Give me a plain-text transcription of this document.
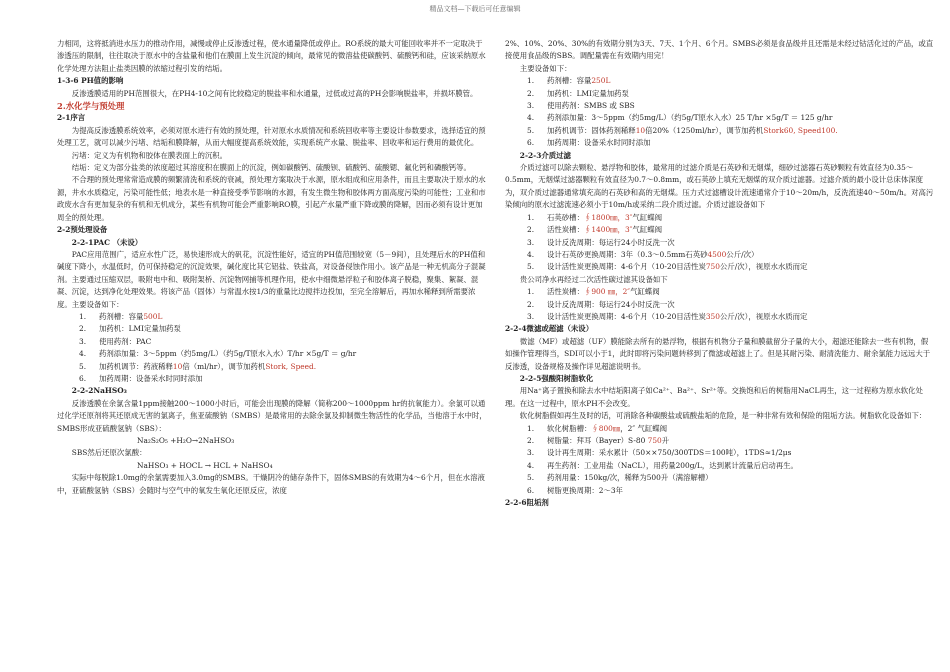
精品文档—下载后可任意编辑

力相同，这将抵消进水压力的推动作用，减慢或停止反渗透过程，使水通量降低或停止。RO系统的最大可能回收率并不一定取决于渗透压的限制，往往取决于原水中的含盐量和他们在膜面上发生沉淀的倾向，最常见的微溶盐使碳酸钙、硫酸钙和硅，应该采纳原水化学处理方法阻止盐类因膜的浓缩过程引发的结垢。

1-3-6 PH值的影响

反渗透膜适用的PH范围很大，在PH4-10之间有比较稳定的脱盐率和水通量，过低或过高的PH会影响脱盐率，并损坏膜管。

2.水化学与预处理

2-1序言

为提高反渗透膜系统效率，必须对原水进行有效的预处理，针对原水水质情况和系统回收率等主要设计参数要求，选择适宜的预处理工艺，就可以减少污堵、结垢和膜降解，从而大幅度提高系统效能，实现系统产水量、脱盐率、回收率和运行费用的最优化。

污堵：定义为有机物和胶体在膜表面上的沉积。

结垢：定义为部分盐类的浓度超过其溶度积在膜面上的沉淀，例如碳酸钙、硫酸钡、硫酸钙、硫酸锶、氟化钙和磷酸钙等。

不合理的预处理常常造成膜的频繁清洗和系统的衰减，预处理方案取决于水源，原水组成和应用条件，而且主要取决于原水的水源，井水水质稳定，污染可能性低；地表水是一种直接受季节影响的水源，有发生微生物和胶体两方面高度污染的可能性；工业和市政废水含有更加复杂的有机和无机成分，某些有机物可能会严重影响RO膜，引起产水量严重下降或膜的降解，因而必须有设计更加周全的预处理。

2-2预处理设备

2-2-1PAC （未设）

PAC应用范围广，适应水性广泛，易快速形成大的矾花，沉淀性能好，适宜的PH值范围较宽（5－9间），且处理后水的PH值和碱度下降小，水温低时，仍可保持稳定的沉淀效果，碱化度比其它铝盐、铁盐高，对设备侵蚀作用小。该产品是一种无机高分子混凝剂。主要通过压缩双层，吸附电中和、吸附架桥、沉淀物网捕等机理作用，使水中细微悬浮粒子和胶体离子脱稳，聚集、絮凝、混凝、沉淀，达到净化处理效果。将该产品（固体）与常温水按1/3的重量比边搅拌边投加，至完全溶解后，再加水稀释到所需要浓度。主要设备如下：

1. 药剂槽：容量500L

2. 加药机：LMI定量加药泵

3. 使用药剂：PAC

4. 药剂添加量：3～5ppm（约5mg/L）（约5g/T原水入水）T/hr ×5g/T ＝ g/hr

5. 加药机调节：药液稀释10倍（ml/hr），调节加药机Stork, Speed.

6. 加药周期：设备采水时同时添加

2-2-2NaHSO₃

反渗透膜在余氯含量1ppm接触200～1000小时后，可能会出现膜的降解（简称200～1000ppm hr的抗氧能力）。余氯可以通过化学还原剂将其还原成无害的氯离子，焦亚硫酸钠（SMBS）是最常用的去除余氯及抑制微生物活性的化学品，当他溶于水中时，SMBS形成亚硫酸氢钠（SBS）：

Na₂S₂O₅ +H₂O→2NaHSO₃

SBS然后还原次氯酸：

NaHSO₃ + HOCL → HCL + NaHSO₄

实际中每脱除1.0mg的余氯需要加入3.0mg的SMBS。干燥阴冷的储存条件下，固体SMBS的有效期为4～6个月，但在水溶液中，亚硫酸氢钠（SBS）会随时与空气中的氧发生氧化还原反应，浓度

2%、10%、20%、30%的有效期分别为3天、7天、1个月、6个月。SMBS必须是食品级并且还需是未经过钴活化过的产品，或直接使用食品级的SBS。调配量需在有效期内用完！

主要设备如下：

1. 药剂槽：容量250L

2. 加药机：LMI定量加药泵

3. 使用药剂：SMBS 或 SBS

4. 药剂添加量：3～5ppm（约5mg/L）（约5g/T原水入水）25 T/hr ×5g/T ＝ 125 g/hr

5. 加药机调节：固体药剂稀释10倍20%（1250ml/hr），调节加药机Stork60, Speed100.

6. 加药周期：设备采水时同时添加

2-2-3介质过滤

介质过滤可以除去颗粒、悬浮物和胶体，最常用的过滤介质是石英砂和无烟煤，细砂过滤器石英砂颗粒有效直径为0.35～0.5mm，无烟煤过滤器颗粒有效直径为0.7～0.8mm，或石英砂上填充无烟煤的双介质过滤器。过滤介质的最小设计总床体深度为，双介质过滤器通常填充高的石英砂和高的无烟煤。压力式过滤槽设计流速通常介于10～20m/h，反洗流速40～50m/h。对高污染倾向的原水过滤流速必须小于10m/h或采纳二段介质过滤。介质过滤设备如下

1. 石英砂槽：∮1800㎜，3″气缸蝶阀

2. 活性炭槽：∮1400㎜，3″气缸蝶阀

3. 设计反洗周期：每运行24小时反洗一次

4. 设计石英砂更换周期：3年（0.3～0.5mm石英砂4500公斤/次）

5. 设计活性炭更换周期：4-6个月（10-20目活性炭750公斤/次），视原水水质而定

贵公司净水再经过二次活性碳过滤其设备如下

1. 活性炭槽：∮900 ㎜，2″气缸蝶阀

2. 设计反洗周期：每运行24小时反洗一次

3. 设计活性炭更换周期：4-6个月（10-20目活性炭350公斤/次），视原水水质而定

2-2-4微滤或超滤（未设）

微滤（MF）或超滤（UF）膜能除去所有的悬浮物，根据有机物分子量和膜截留分子量的大小，超滤还能除去一些有机物，假如操作管理得当，SDI可以小于1，此时即将污染问题转移到了微滤或超滤上了。但是其耐污染、耐清洗能力、耐余氯能力远远大于反渗透，设备规格及操作详见超滤说明书。

2-2-5强酸阳树脂软化

用Na⁺离子置换和除去水中结垢阳离子如Ca²⁺、Ba²⁺、Sr²⁺等。交换饱和后的树脂用NaCL再生，这一过程称为原水软化处理。在这一过程中，原水PH不会改变。

软化树脂假如再生及时的话，可消除各种碳酸盐或硫酸盐垢的危险，是一种非常有效和保险的阻垢方法。树脂软化设备如下：

1. 软化树脂槽：∮800㎜，2″ 气缸蝶阀

2. 树脂量：拜耳（Bayer）S-80 750升

3. 设计再生周期：采水累计（50××750/300TDS＝100吨），1TDS≈1/2μs

4. 再生药剂：工业用盐（NaCL），用药量200g/L，达到累计流量后启动再生。

5. 药剂用量：150kg/次，稀释为500升（满溶解槽）

6. 树脂更换周期：2～3年

2-2-6阻垢剂
